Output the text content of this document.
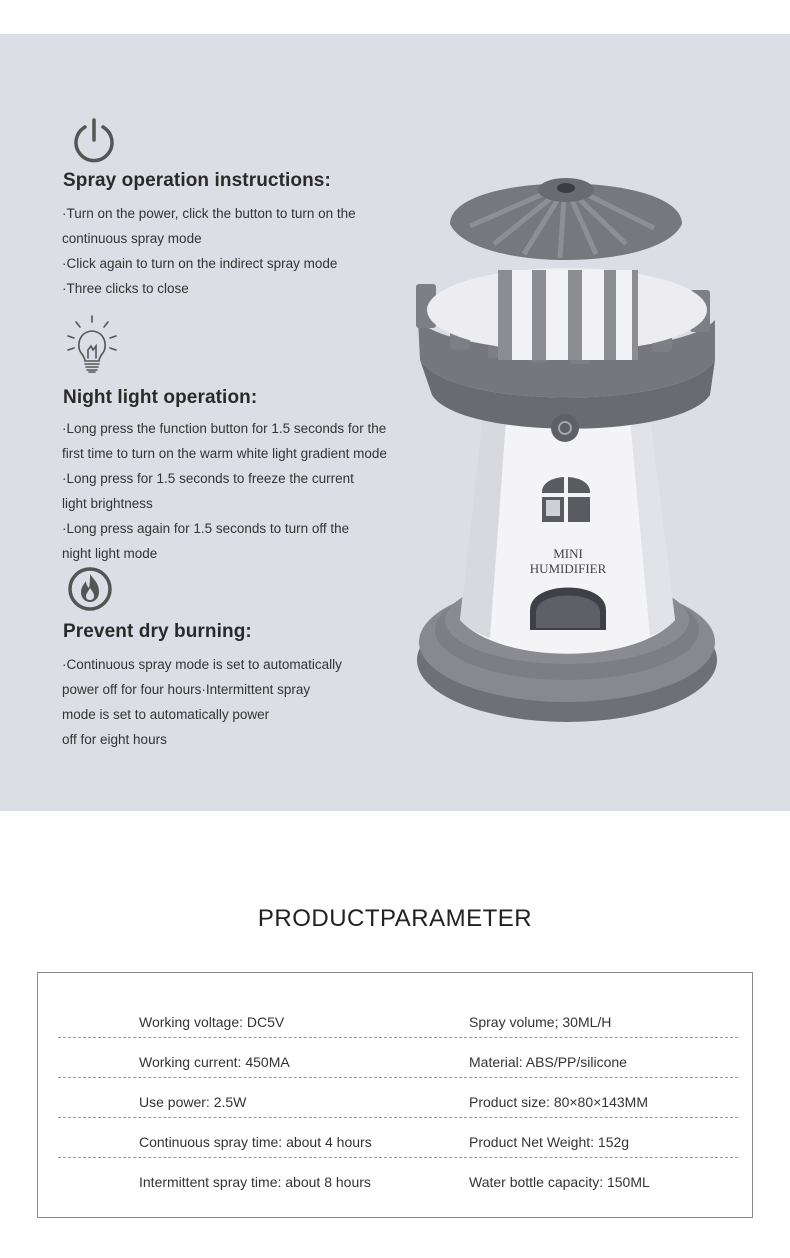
Spray operation instructions:
·Turn on the power, click the button to turn on the
continuous spray mode
·Click again to turn on the indirect spray mode
·Three clicks to close
Night light operation:
·Long press the function button for 1.5 seconds for the
first time to turn on the warm white light gradient mode
·Long press for 1.5 seconds to freeze the current
light brightness
·Long press again for 1.5 seconds to turn off the
night light mode
Prevent dry burning:
·Continuous spray mode is set to automatically
power off for four hours·Intermittent spray
mode is set to automatically power
off for eight hours
MINI
HUMIDIFIER
PRODUCTPARAMETER
Working voltage: DC5V	Spray volume; 30ML/H
Working current: 450MA	Material: ABS/PP/silicone
Use power: 2.5W	Product size: 80×80×143MM
Continuous spray time: about 4 hours	Product Net Weight: 152g
Intermittent spray time: about 8 hours	Water bottle capacity: 150ML
